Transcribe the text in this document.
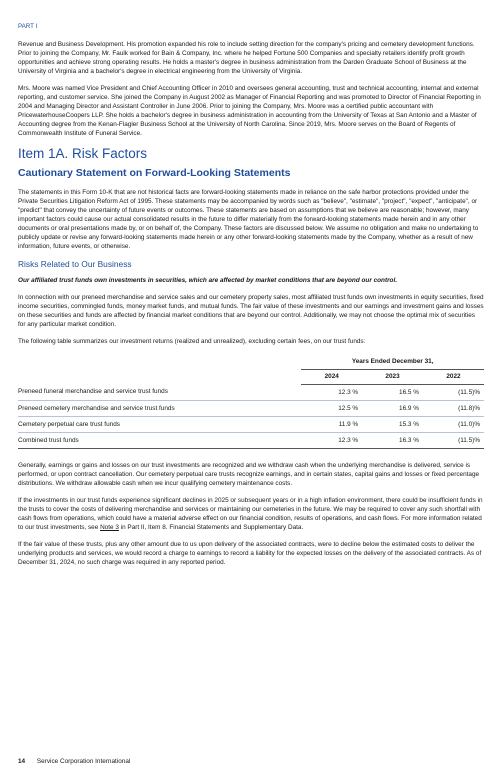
PART I

Revenue and Business Development. His promotion expanded his role to include setting direction for the company's pricing and cemetery development functions. Prior to joining the Company, Mr. Faulk worked for Bain & Company, Inc. where he helped Fortune 500 Companies and specialty retailers identify profit growth opportunities and achieve strong operating results. He holds a master's degree in business administration from the Darden Graduate School of Business at the University of Virginia and a bachelor's degree in electrical engineering from the University of Virginia.

Mrs. Moore was named Vice President and Chief Accounting Officer in 2010 and oversees general accounting, trust and technical accounting, internal and external reporting, and customer service. She joined the Company in August 2002 as Manager of Financial Reporting and was promoted to Director of Financial Reporting in 2004 and Managing Director and Assistant Controller in June 2006. Prior to joining the Company, Mrs. Moore was a certified public accountant with PricewaterhouseCoopers LLP. She holds a bachelor's degree in business administration in accounting from the University of Texas at San Antonio and a Master of Accounting degree from the Kenan-Flagler Business School at the University of North Carolina. Since 2019, Mrs. Moore serves on the Board of Regents of Commonwealth Institute of Funeral Service.

Item 1A. Risk Factors
Cautionary Statement on Forward-Looking Statements

The statements in this Form 10-K that are not historical facts are forward-looking statements made in reliance on the safe harbor protections provided under the Private Securities Litigation Reform Act of 1995. These statements may be accompanied by words such as "believe", "estimate", "project", "expect", "anticipate", or "predict" that convey the uncertainty of future events or outcomes. These statements are based on assumptions that we believe are reasonable; however, many important factors could cause our actual consolidated results in the future to differ materially from the forward-looking statements made herein and in any other documents or oral presentations made by, or on behalf of, the Company. These factors are discussed below. We assume no obligation and make no undertaking to publicly update or revise any forward-looking statements made herein or any other forward-looking statements made by the Company, whether as a result of new information, future events, or otherwise.

Risks Related to Our Business
Our affiliated trust funds own investments in securities, which are affected by market conditions that are beyond our control.

In connection with our preneed merchandise and service sales and our cemetery property sales, most affiliated trust funds own investments in equity securities, fixed income securities, commingled funds, money market funds, and mutual funds. The fair value of these investments and our earnings and investment gains and losses on these securities and funds are affected by financial market conditions that are beyond our control. Additionally, we may not choose the optimal mix of securities for any particular market condition.

The following table summarizes our investment returns (realized and unrealized), excluding certain fees, on our trust funds:

	Years Ended December 31,		
	2024	2023	2022
Preneed funeral merchandise and service trust funds	12.3 %	16.5 %	(11.5)%
Preneed cemetery merchandise and service trust funds	12.5 %	16.9 %	(11.8)%
Cemetery perpetual care trust funds	11.9 %	15.3 %	(11.0)%
Combined trust funds	12.3 %	16.3 %	(11.5)%

Generally, earnings or gains and losses on our trust investments are recognized and we withdraw cash when the underlying merchandise is delivered, service is performed, or upon contract cancellation. Our cemetery perpetual care trusts recognize earnings, and in certain states, capital gains and losses or fixed percentage distributions. We withdraw allowable cash when we incur qualifying cemetery maintenance costs.

If the investments in our trust funds experience significant declines in 2025 or subsequent years or in a high inflation environment, there could be insufficient funds in the trusts to cover the costs of delivering merchandise and services or maintaining our cemeteries in the future. We may be required to cover any such shortfall with cash flows from operations, which could have a material adverse effect on our financial condition, results of operations, and cash flows. For more information related to our trust investments, see Note 3 in Part II, Item 8. Financial Statements and Supplementary Data.

If the fair value of these trusts, plus any other amount due to us upon delivery of the associated contracts, were to decline below the estimated costs to deliver the underlying products and services, we would record a charge to earnings to record a liability for the expected losses on the delivery of the associated contracts. As of December 31, 2024, no such charge was required in any reported period.

14 Service Corporation International
